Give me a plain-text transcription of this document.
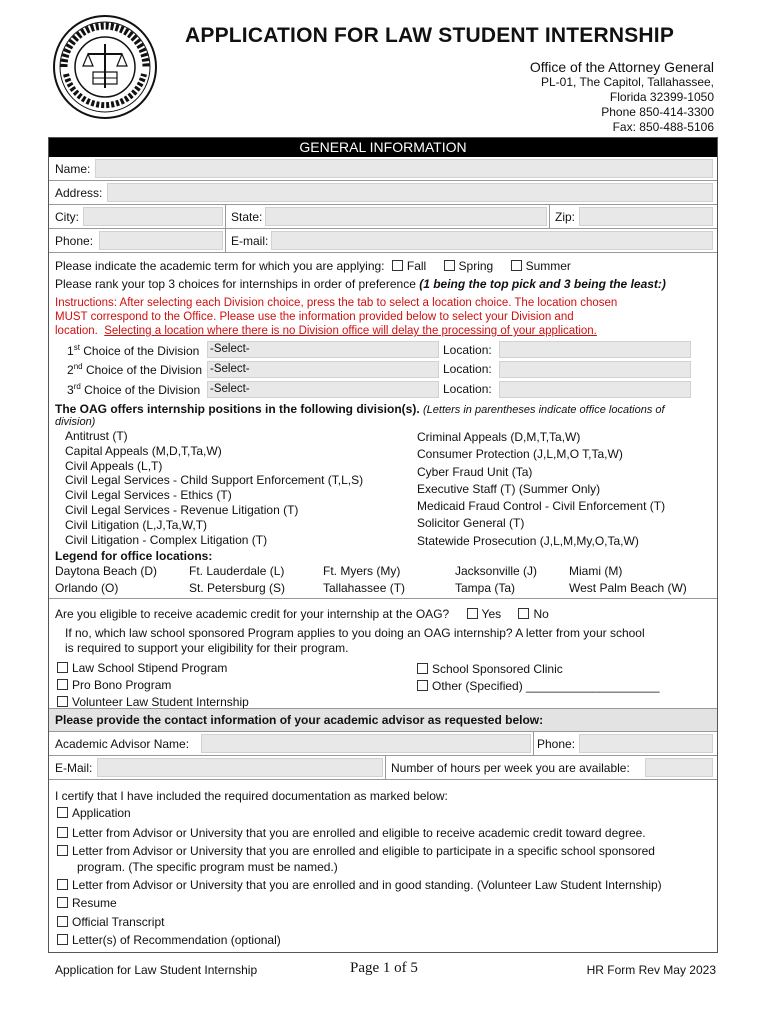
APPLICATION FOR LAW STUDENT INTERNSHIP
Office of the Attorney General
PL-01, The Capitol, Tallahassee,
Florida 32399-1050
Phone 850-414-3300
Fax: 850-488-5106
GENERAL INFORMATION
Name:
Address:
City:	State:	Zip:
Phone:	E-mail:
Please indicate the academic term for which you are applying: Fall	Spring	Summer
Please rank your top 3 choices for internships in order of preference (1 being the top pick and 3 being the least:)
Instructions: After selecting each Division choice, press the tab to select a location choice. The location chosen
MUST correspond to the Office. Please use the information provided below to select your Division and
location. Selecting a location where there is no Division office will delay the processing of your application.
1st Choice of the Division -Select-	Location:
2nd Choice of the Division -Select-	Location:
3rd Choice of the Division -Select-	Location:
The OAG offers internship positions in the following division(s). (Letters in parentheses indicate office locations of
division)
Antitrust (T)
Capital Appeals (M,D,T,Ta,W)
Civil Appeals (L,T)
Civil Legal Services - Child Support Enforcement (T,L,S)
Civil Legal Services - Ethics (T)
Civil Legal Services - Revenue Litigation (T)
Civil Litigation (L,J,Ta,W,T)
Civil Litigation - Complex Litigation (T)
Criminal Appeals (D,M,T,Ta,W)
Consumer Protection (J,L,M,O T,Ta,W)
Cyber Fraud Unit (Ta)
Executive Staff (T) (Summer Only)
Medicaid Fraud Control - Civil Enforcement (T)
Solicitor General (T)
Statewide Prosecution (J,L,M,My,O,Ta,W)
Legend for office locations:
Daytona Beach (D)	Ft. Lauderdale (L)	Ft. Myers (My)	Jacksonville (J)	Miami (M)
Orlando (O)	St. Petersburg (S)	Tallahassee (T)	Tampa (Ta)	West Palm Beach (W)
Are you eligible to receive academic credit for your internship at the OAG?	Yes	No
If no, which law school sponsored Program applies to you doing an OAG internship? A letter from your school
is required to support your eligibility for their program.
Law School Stipend Program
Pro Bono Program
Volunteer Law Student Internship
School Sponsored Clinic
Other (Specified) ____________________
Please provide the contact information of your academic advisor as requested below:
Academic Advisor Name:	Phone:
E-Mail:	Number of hours per week you are available:
I certify that I have included the required documentation as marked below:
Application
Letter from Advisor or University that you are enrolled and eligible to receive academic credit toward degree.
Letter from Advisor or University that you are enrolled and eligible to participate in a specific school sponsored
program. (The specific program must be named.)
Letter from Advisor or University that you are enrolled and in good standing. (Volunteer Law Student Internship)
Resume
Official Transcript
Letter(s) of Recommendation (optional)
Application for Law Student Internship	Page 1 of 5	HR Form Rev May 2023
